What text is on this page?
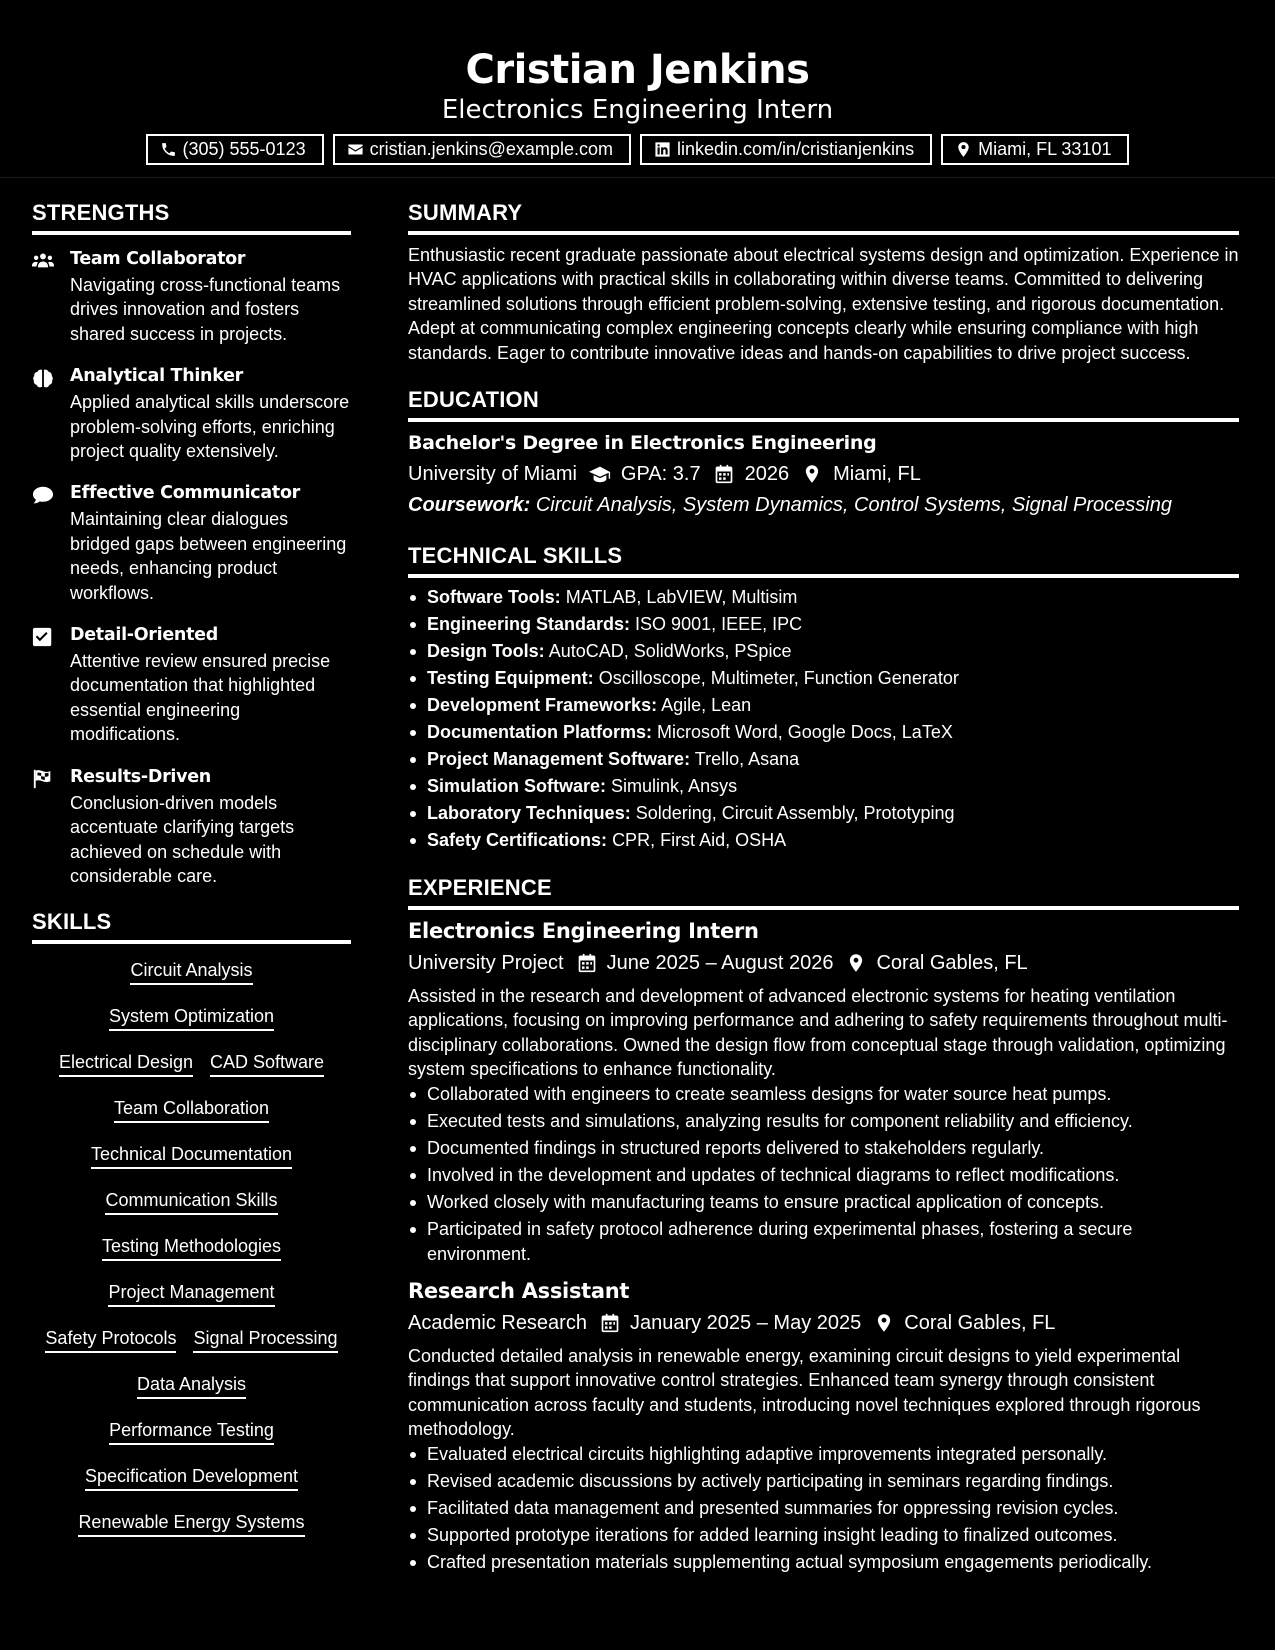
Cristian Jenkins
Electronics Engineering Intern
(305) 555-0123	cristian.jenkins@example.com	linkedin.com/in/cristianjenkins	Miami, FL 33101
STRENGTHS
Team Collaborator
Navigating cross-functional teams drives innovation and fosters shared success in projects.
Analytical Thinker
Applied analytical skills underscore problem-solving efforts, enriching project quality extensively.
Effective Communicator
Maintaining clear dialogues bridged gaps between engineering needs, enhancing product workflows.
Detail-Oriented
Attentive review ensured precise documentation that highlighted essential engineering modifications.
Results-Driven
Conclusion-driven models accentuate clarifying targets achieved on schedule with considerable care.
SKILLS
Circuit Analysis
System Optimization
Electrical Design CAD Software
Team Collaboration
Technical Documentation
Communication Skills
Testing Methodologies
Project Management
Safety Protocols Signal Processing
Data Analysis
Performance Testing
Specification Development
Renewable Energy Systems
SUMMARY
Enthusiastic recent graduate passionate about electrical systems design and optimization. Experience in HVAC applications with practical skills in collaborating within diverse teams. Committed to delivering streamlined solutions through efficient problem-solving, extensive testing, and rigorous documentation. Adept at communicating complex engineering concepts clearly while ensuring compliance with high standards. Eager to contribute innovative ideas and hands-on capabilities to drive project success.
EDUCATION
Bachelor's Degree in Electronics Engineering
University of Miami GPA: 3.7 2026 Miami, FL
Coursework: Circuit Analysis, System Dynamics, Control Systems, Signal Processing
TECHNICAL SKILLS
Software Tools: MATLAB, LabVIEW, Multisim
Engineering Standards: ISO 9001, IEEE, IPC
Design Tools: AutoCAD, SolidWorks, PSpice
Testing Equipment: Oscilloscope, Multimeter, Function Generator
Development Frameworks: Agile, Lean
Documentation Platforms: Microsoft Word, Google Docs, LaTeX
Project Management Software: Trello, Asana
Simulation Software: Simulink, Ansys
Laboratory Techniques: Soldering, Circuit Assembly, Prototyping
Safety Certifications: CPR, First Aid, OSHA
EXPERIENCE
Electronics Engineering Intern
University Project June 2025 – August 2026 Coral Gables, FL
Assisted in the research and development of advanced electronic systems for heating ventilation applications, focusing on improving performance and adhering to safety requirements throughout multi-disciplinary collaborations. Owned the design flow from conceptual stage through validation, optimizing system specifications to enhance functionality.
Collaborated with engineers to create seamless designs for water source heat pumps.
Executed tests and simulations, analyzing results for component reliability and efficiency.
Documented findings in structured reports delivered to stakeholders regularly.
Involved in the development and updates of technical diagrams to reflect modifications.
Worked closely with manufacturing teams to ensure practical application of concepts.
Participated in safety protocol adherence during experimental phases, fostering a secure environment.
Research Assistant
Academic Research January 2025 – May 2025 Coral Gables, FL
Conducted detailed analysis in renewable energy, examining circuit designs to yield experimental findings that support innovative control strategies. Enhanced team synergy through consistent communication across faculty and students, introducing novel techniques explored through rigorous methodology.
Evaluated electrical circuits highlighting adaptive improvements integrated personally.
Revised academic discussions by actively participating in seminars regarding findings.
Facilitated data management and presented summaries for oppressing revision cycles.
Supported prototype iterations for added learning insight leading to finalized outcomes.
Crafted presentation materials supplementing actual symposium engagements periodically.
